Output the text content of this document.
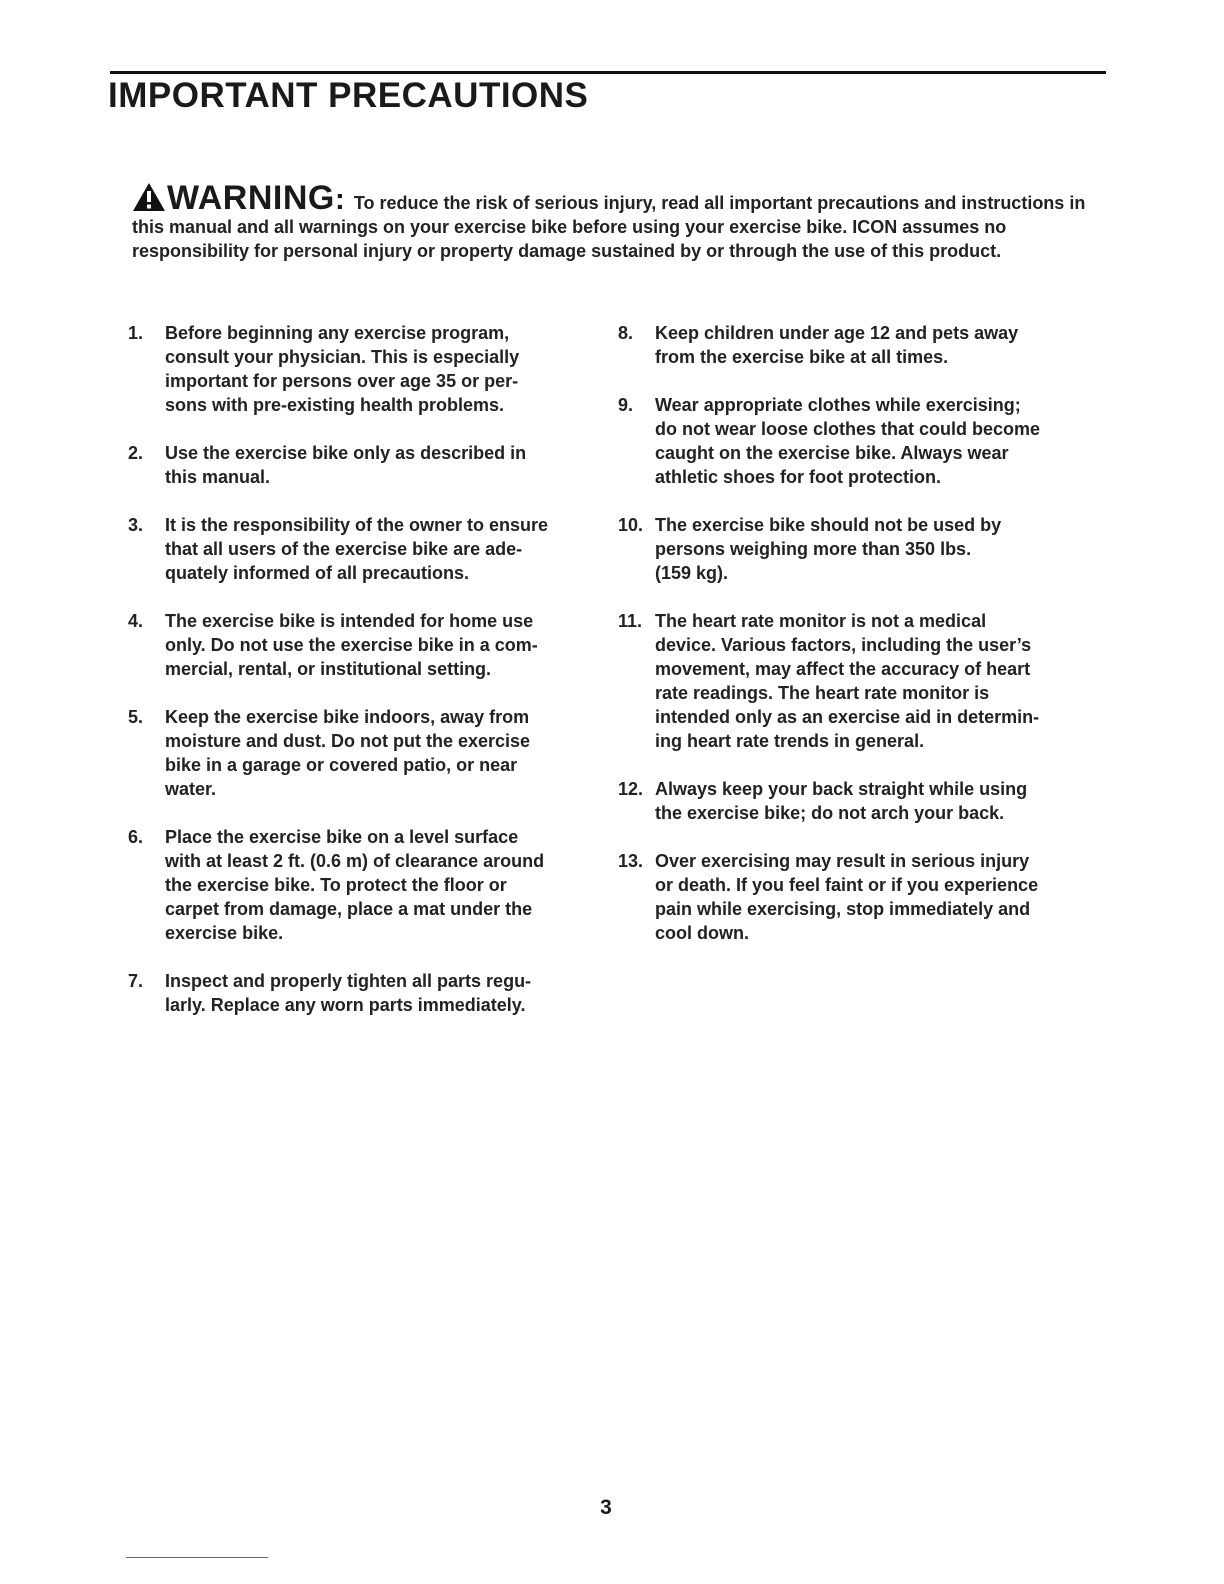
IMPORTANT PRECAUTIONS
WARNING: To reduce the risk of serious injury, read all important precautions and instructions in this manual and all warnings on your exercise bike before using your exercise bike. ICON assumes no responsibility for personal injury or property damage sustained by or through the use of this product.
1.	Before beginning any exercise program,
consult your physician. This is especially
important for persons over age 35 or per-
sons with pre-existing health problems.
2.	Use the exercise bike only as described in
this manual.
3.	It is the responsibility of the owner to ensure
that all users of the exercise bike are ade-
quately informed of all precautions.
4.	The exercise bike is intended for home use
only. Do not use the exercise bike in a com-
mercial, rental, or institutional setting.
5.	Keep the exercise bike indoors, away from
moisture and dust. Do not put the exercise
bike in a garage or covered patio, or near
water.
6.	Place the exercise bike on a level surface
with at least 2 ft. (0.6 m) of clearance around
the exercise bike. To protect the floor or
carpet from damage, place a mat under the
exercise bike.
7.	Inspect and properly tighten all parts regu-
larly. Replace any worn parts immediately.
8.	Keep children under age 12 and pets away
from the exercise bike at all times.
9.	Wear appropriate clothes while exercising;
do not wear loose clothes that could become
caught on the exercise bike. Always wear
athletic shoes for foot protection.
10. The exercise bike should not be used by
persons weighing more than 350 lbs.
(159 kg).
11. The heart rate monitor is not a medical
device. Various factors, including the user’s
movement, may affect the accuracy of heart
rate readings. The heart rate monitor is
intended only as an exercise aid in determin-
ing heart rate trends in general.
12. Always keep your back straight while using
the exercise bike; do not arch your back.
13. Over exercising may result in serious injury
or death. If you feel faint or if you experience
pain while exercising, stop immediately and
cool down.
3
